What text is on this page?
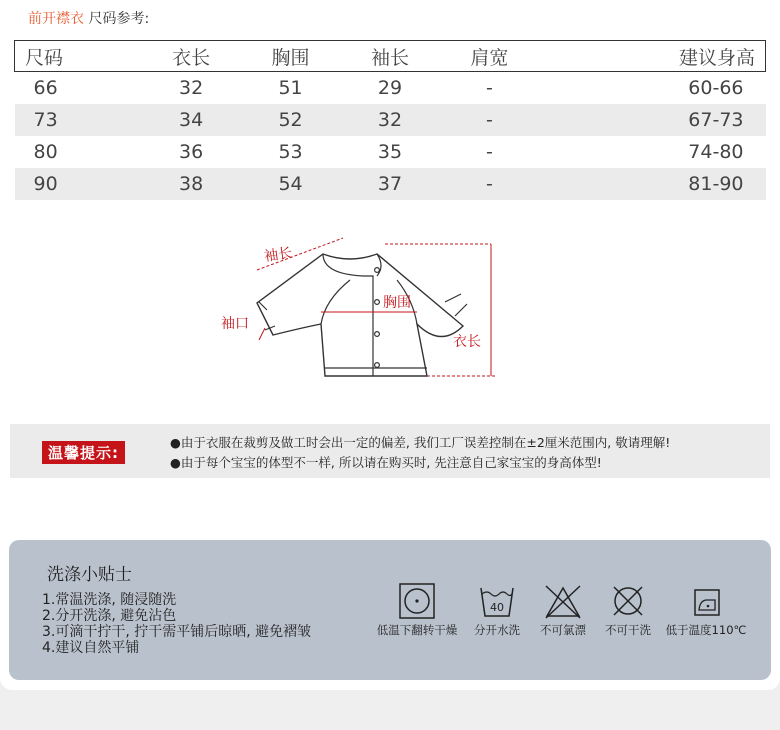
前开襟衣 尺码参考:
尺码	衣长	胸围	袖长	肩宽	建议身高
66	32	51	29	-	60-66
73	34	52	32	-	67-73
80	36	53	35	-	74-80
90	38	54	37	-	81-90
袖长
袖口
胸围
衣长
温馨提示:
●由于衣服在裁剪及做工时会出一定的偏差, 我们工厂误差控制在±2厘米范围内, 敬请理解!
●由于每个宝宝的体型不一样, 所以请在购买时, 先注意自己家宝宝的身高体型!
洗涤小贴士
1.常温洗涤, 随浸随洗
2.分开洗涤, 避免沾色
3.可滴干拧干, 拧干需平铺后晾晒, 避免褶皱
4.建议自然平铺
低温下翻转干燥
40
分开水洗	不可氯漂	不可干洗	低于温度110℃
